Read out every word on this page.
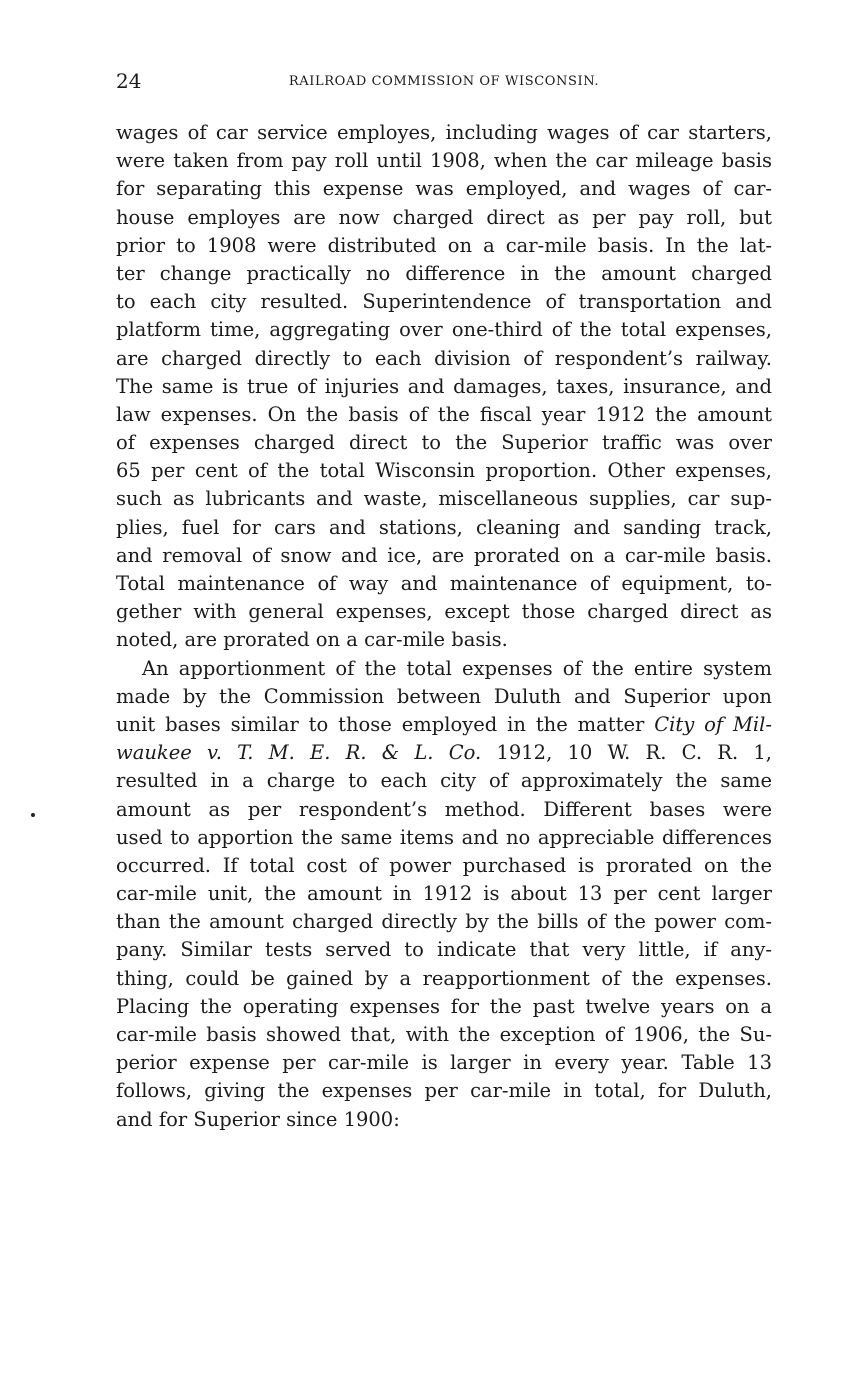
24	RAILROAD COMMISSION OF WISCONSIN.
wages of car service employes, including wages of car starters,
were taken from pay roll until 1908, when the car mileage basis
for separating this expense was employed, and wages of car-
house employes are now charged direct as per pay roll, but
prior to 1908 were distributed on a car-mile basis. In the lat-
ter change practically no difference in the amount charged
to each city resulted. Superintendence of transportation and
platform time, aggregating over one-third of the total expenses,
are charged directly to each division of respondent’s railway.
The same is true of injuries and damages, taxes, insurance, and
law expenses. On the basis of the fiscal year 1912 the amount
of expenses charged direct to the Superior traffic was over
65 per cent of the total Wisconsin proportion. Other expenses,
such as lubricants and waste, miscellaneous supplies, car sup-
plies, fuel for cars and stations, cleaning and sanding track,
and removal of snow and ice, are prorated on a car-mile basis.
Total maintenance of way and maintenance of equipment, to-
gether with general expenses, except those charged direct as
noted, are prorated on a car-mile basis.
An apportionment of the total expenses of the entire system
made by the Commission between Duluth and Superior upon
unit bases similar to those employed in the matter City of Mil-
waukee v. T. M. E. R. & L. Co. 1912, 10 W. R. C. R. 1,
resulted in a charge to each city of approximately the same
amount as per respondent’s method. Different bases were
used to apportion the same items and no appreciable differences
occurred. If total cost of power purchased is prorated on the
car-mile unit, the amount in 1912 is about 13 per cent larger
than the amount charged directly by the bills of the power com-
pany. Similar tests served to indicate that very little, if any-
thing, could be gained by a reapportionment of the expenses.
Placing the operating expenses for the past twelve years on a
car-mile basis showed that, with the exception of 1906, the Su-
perior expense per car-mile is larger in every year. Table 13
follows, giving the expenses per car-mile in total, for Duluth,
and for Superior since 1900:
